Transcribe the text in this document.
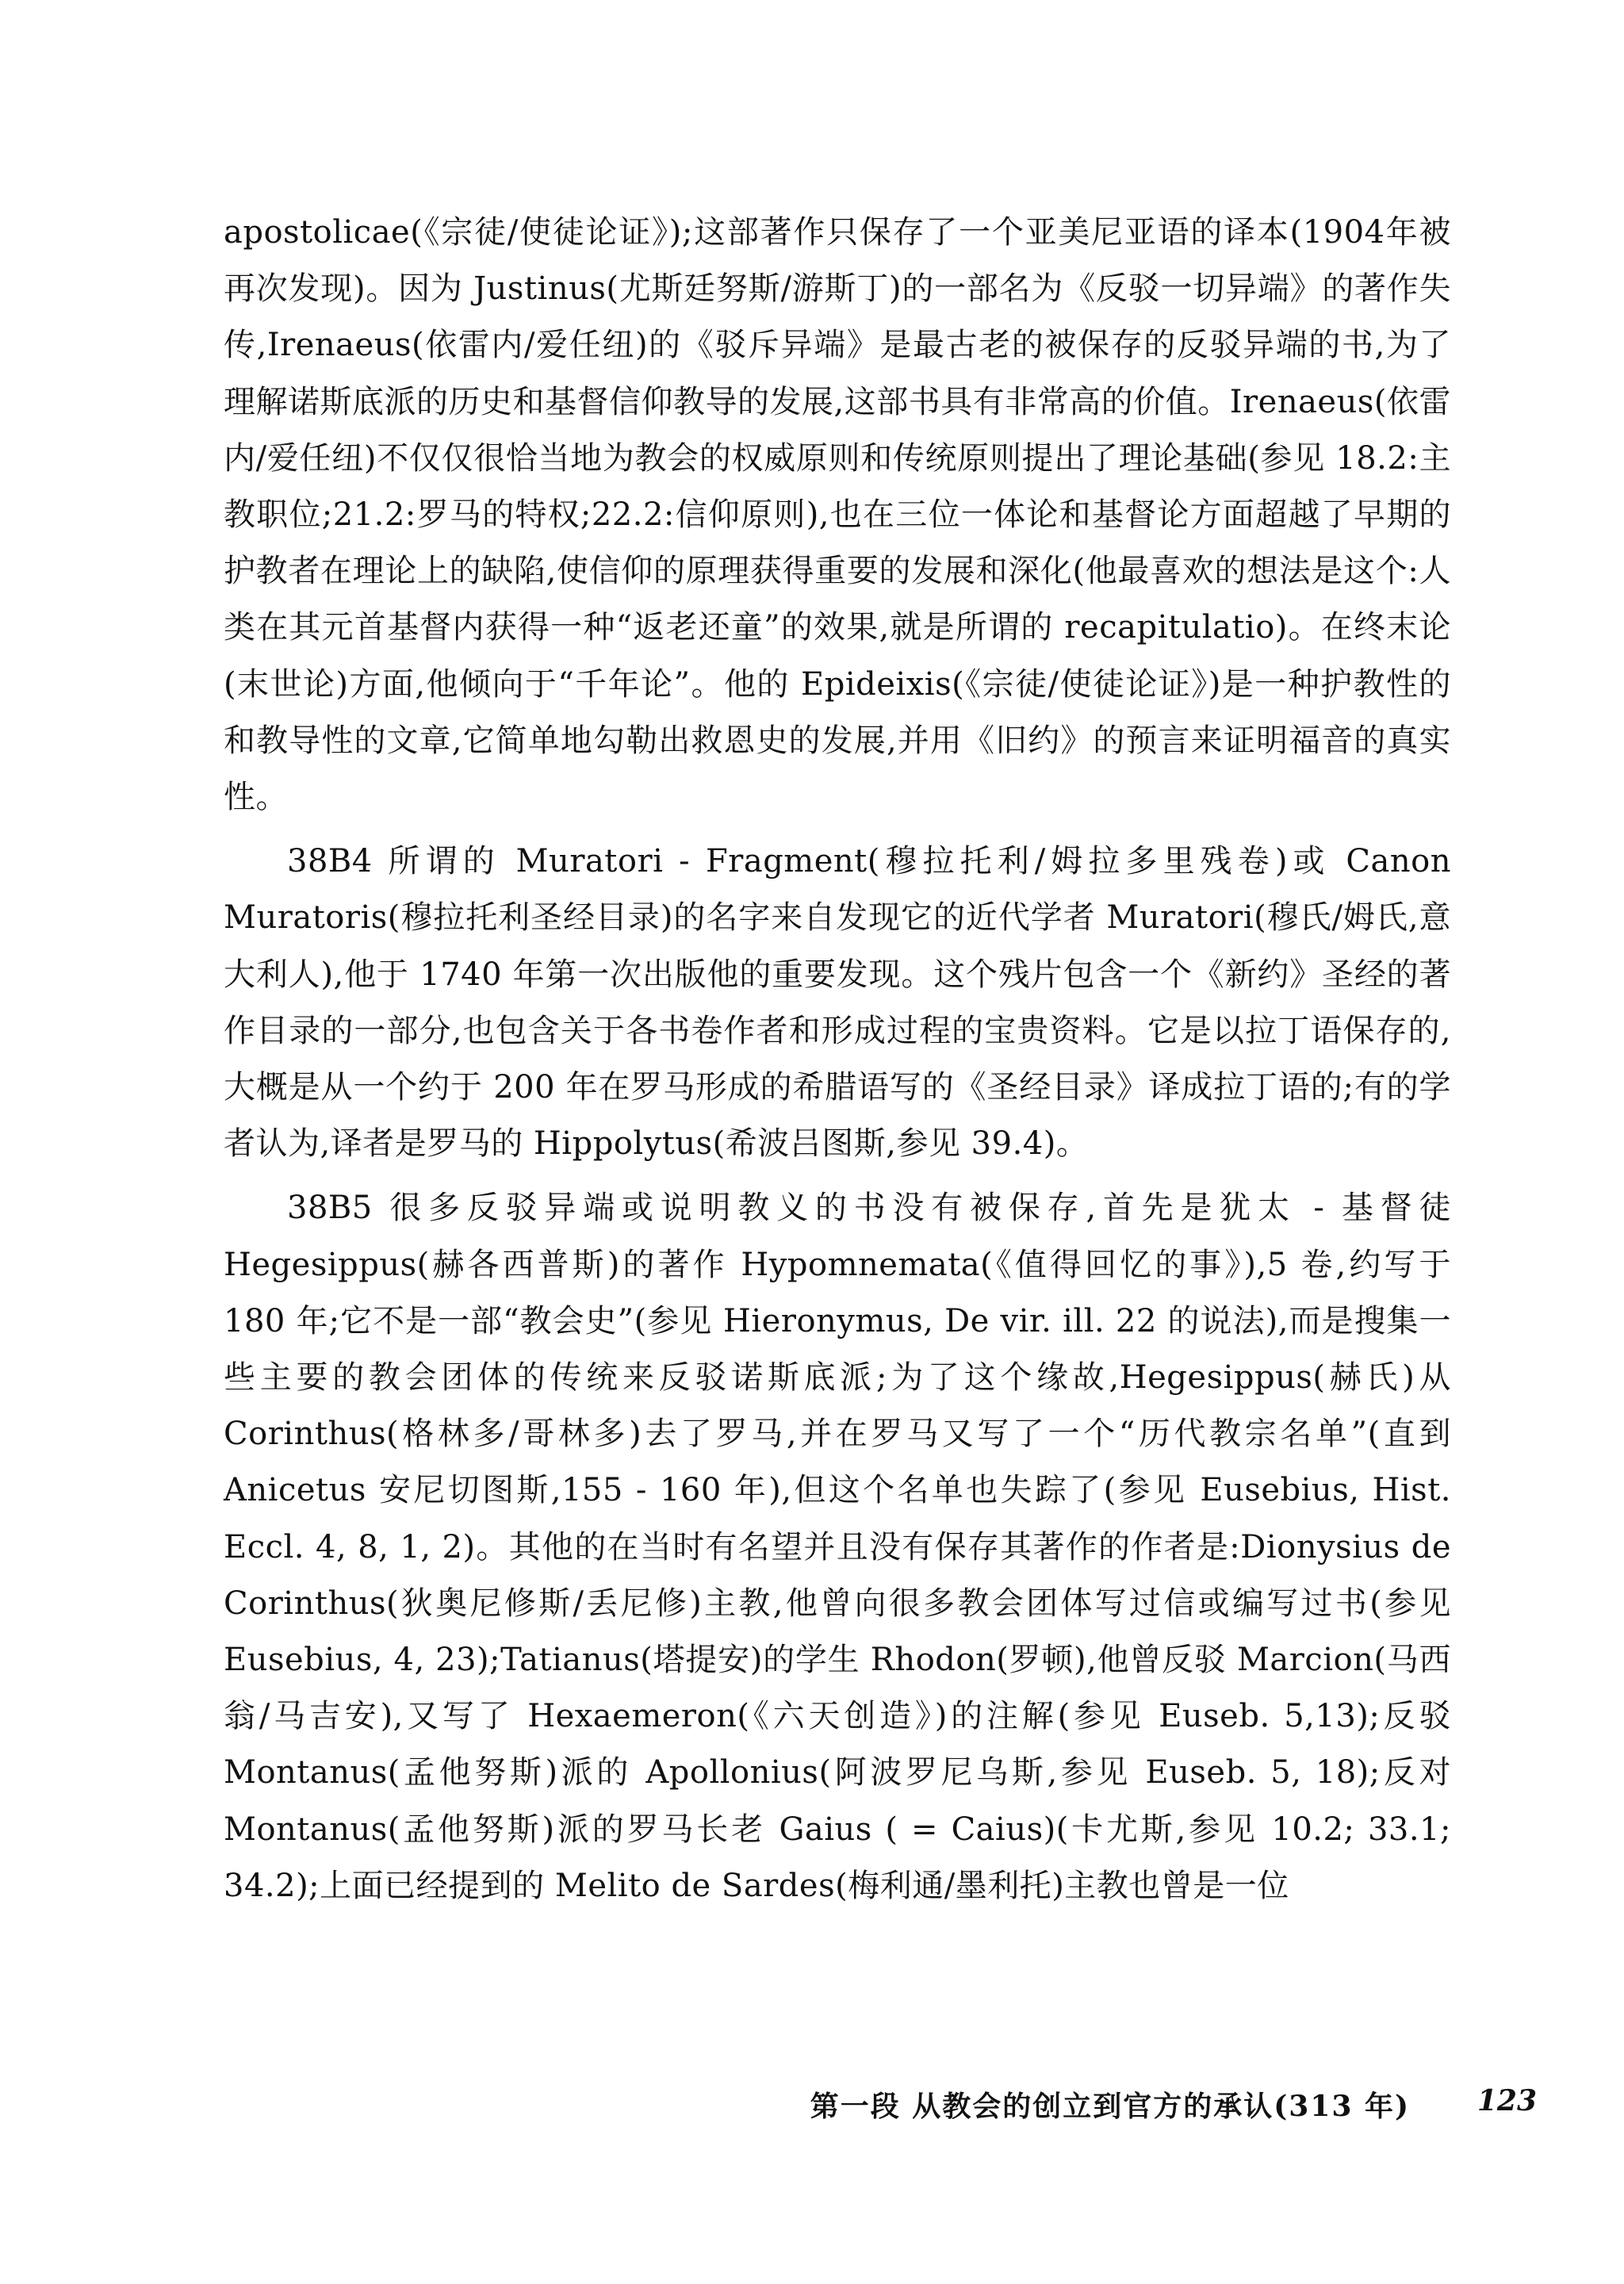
apostolicae(《宗徒/使徒论证》);这部著作只保存了一个亚美尼亚语的译本(1904年被再次发现)。因为 Justinus(尤斯廷努斯/游斯丁)的一部名为《反驳一切异端》的著作失传,Irenaeus(依雷内/爱任纽)的《驳斥异端》是最古老的被保存的反驳异端的书,为了理解诺斯底派的历史和基督信仰教导的发展,这部书具有非常高的价值。Irenaeus(依雷内/爱任纽)不仅仅很恰当地为教会的权威原则和传统原则提出了理论基础(参见 18.2:主教职位;21.2:罗马的特权;22.2:信仰原则),也在三位一体论和基督论方面超越了早期的护教者在理论上的缺陷,使信仰的原理获得重要的发展和深化(他最喜欢的想法是这个:人类在其元首基督内获得一种“返老还童”的效果,就是所谓的 recapitulatio)。在终末论(末世论)方面,他倾向于“千年论”。他的 Epideixis(《宗徒/使徒论证》)是一种护教性的和教导性的文章,它简单地勾勒出救恩史的发展,并用《旧约》的预言来证明福音的真实性。

38B4 所谓的 Muratori - Fragment(穆拉托利/姆拉多里残卷)或 Canon Muratoris(穆拉托利圣经目录)的名字来自发现它的近代学者 Muratori(穆氏/姆氏,意大利人),他于 1740 年第一次出版他的重要发现。这个残片包含一个《新约》圣经的著作目录的一部分,也包含关于各书卷作者和形成过程的宝贵资料。它是以拉丁语保存的,大概是从一个约于 200 年在罗马形成的希腊语写的《圣经目录》译成拉丁语的;有的学者认为,译者是罗马的 Hippolytus(希波吕图斯,参见 39.4)。

38B5 很多反驳异端或说明教义的书没有被保存,首先是犹太 - 基督徒 Hegesippus(赫各西普斯)的著作 Hypomnemata(《值得回忆的事》),5 卷,约写于 180 年;它不是一部“教会史”(参见 Hieronymus, De vir. ill. 22 的说法),而是搜集一些主要的教会团体的传统来反驳诺斯底派;为了这个缘故,Hegesippus(赫氏)从 Corinthus(格林多/哥林多)去了罗马,并在罗马又写了一个“历代教宗名单”(直到 Anicetus 安尼切图斯,155 - 160 年),但这个名单也失踪了(参见 Eusebius, Hist. Eccl. 4, 8, 1, 2)。其他的在当时有名望并且没有保存其著作的作者是:Dionysius de Corinthus(狄奥尼修斯/丢尼修)主教,他曾向很多教会团体写过信或编写过书(参见 Eusebius, 4, 23);Tatianus(塔提安)的学生 Rhodon(罗顿),他曾反驳 Marcion(马西翁/马吉安),又写了 Hexaemeron(《六天创造》)的注解(参见 Euseb. 5,13);反驳 Montanus(孟他努斯)派的 Apollonius(阿波罗尼乌斯,参见 Euseb. 5, 18);反对 Montanus(孟他努斯)派的罗马长老 Gaius ( = Caius)(卡尤斯,参见 10.2; 33.1; 34.2);上面已经提到的 Melito de Sardes(梅利通/墨利托)主教也曾是一位

第一段 从教会的创立到官方的承认(313 年) 123
